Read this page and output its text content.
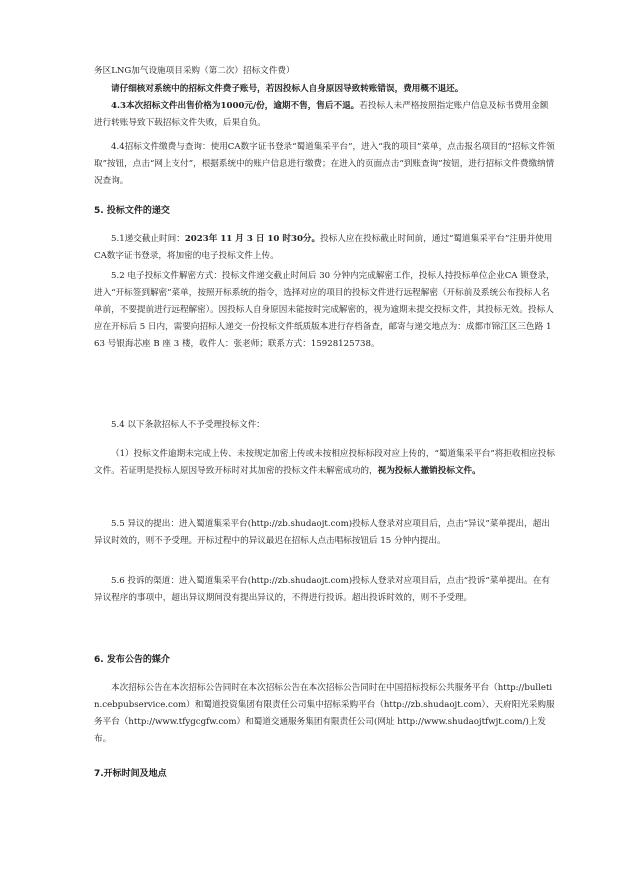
务区LNG加气设施项目采购（第二次）招标文件费）

请仔细核对系统中的招标文件费子账号，若因投标人自身原因导致转账错误，费用概不退还。

4.3本次招标文件出售价格为1000元/份，逾期不售，售后不退。若投标人未严格按照指定账户信息及标书费用金额进行转账导致下载招标文件失败，后果自负。

4.4招标文件缴费与查询：使用CA数字证书登录“蜀道集采平台”，进入“我的项目”菜单，点击报名项目的“招标文件领取”按钮，点击“网上支付”，根据系统中的账户信息进行缴费；在进入的页面点击“到账查询”按钮，进行招标文件费缴纳情况查询。

5. 投标文件的递交

5.1递交截止时间：2023年 11 月 3 日 10 时30分。投标人应在投标截止时间前，通过“蜀道集采平台”注册并使用CA数字证书登录，将加密的电子投标文件上传。

5.2 电子投标文件解密方式：投标文件递交截止时间后 30 分钟内完成解密工作，投标人持投标单位企业CA 锁登录，进入“开标签到解密”菜单，按照开标系统的指令，选择对应的项目的投标文件进行远程解密（开标前及系统公布投标人名单前，不要提前进行远程解密）。因投标人自身原因未能按时完成解密的，视为逾期未提交投标文件，其投标无效。投标人应在开标后 5 日内，需要向招标人递交一份投标文件纸质版本进行存档备查，邮寄与递交地点为：成都市锦江区三色路 163 号银海芯座 B 座 3 楼，收件人：张老师；联系方式：15928125738。

5.4 以下条款招标人不予受理投标文件：

（1）投标文件逾期未完成上传、未按规定加密上传或未按相应投标标段对应上传的，“蜀道集采平台”将拒收相应投标文件。若证明是投标人原因导致开标时对其加密的投标文件未解密成功的，视为投标人撤销投标文件。

5.5 异议的提出：进入蜀道集采平台(http://zb.shudaojt.com)投标人登录对应项目后，点击“异议”菜单提出，超出异议时效的，则不予受理。开标过程中的异议最迟在招标人点击唱标按钮后 15 分钟内提出。

5.6 投诉的渠道：进入蜀道集采平台(http://zb.shudaojt.com)投标人登录对应项目后，点击“投诉”菜单提出。在有异议程序的事项中，超出异议期间没有提出异议的，不得进行投诉。超出投诉时效的，则不予受理。

6. 发布公告的媒介

本次招标公告在本次招标公告同时在本次招标公告在本次招标公告同时在中国招标投标公共服务平台（http://bulletin.cebpubservice.com）和蜀道投资集团有限责任公司集中招标采购平台（http://zb.shudaojt.com）、天府阳光采购服务平台（http://www.tfygcgfw.com）和蜀道交通服务集团有限责任公司(网址 http://www.shudaojtfwjt.com/)上发布。

7.开标时间及地点
